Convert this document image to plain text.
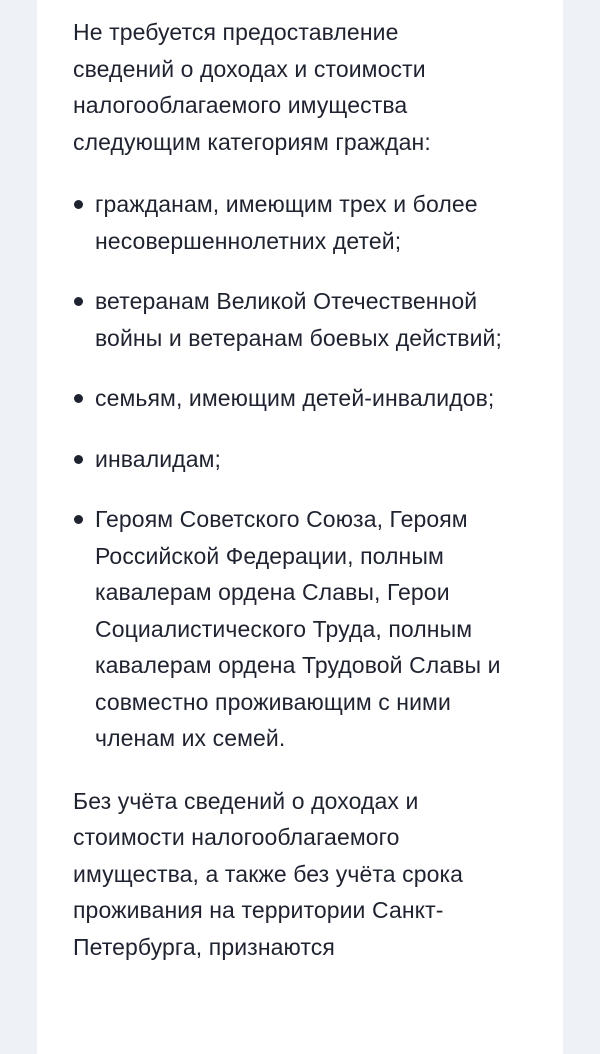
Не требуется предоставление сведений о доходах и стоимости налогооблагаемого имущества следующим категориям граждан:

гражданам, имеющим трех и более несовершеннолетних детей;
ветеранам Великой Отечественной войны и ветеранам боевых действий;
семьям, имеющим детей-инвалидов;
инвалидам;
Героям Советского Союза, Героям Российской Федерации, полным кавалерам ордена Славы, Герои Социалистического Труда, полным кавалерам ордена Трудовой Славы и совместно проживающим с ними членам их семей.

Без учёта сведений о доходах и стоимости налогооблагаемого имущества, а также без учёта срока проживания на территории Санкт-Петербурга, признаются
